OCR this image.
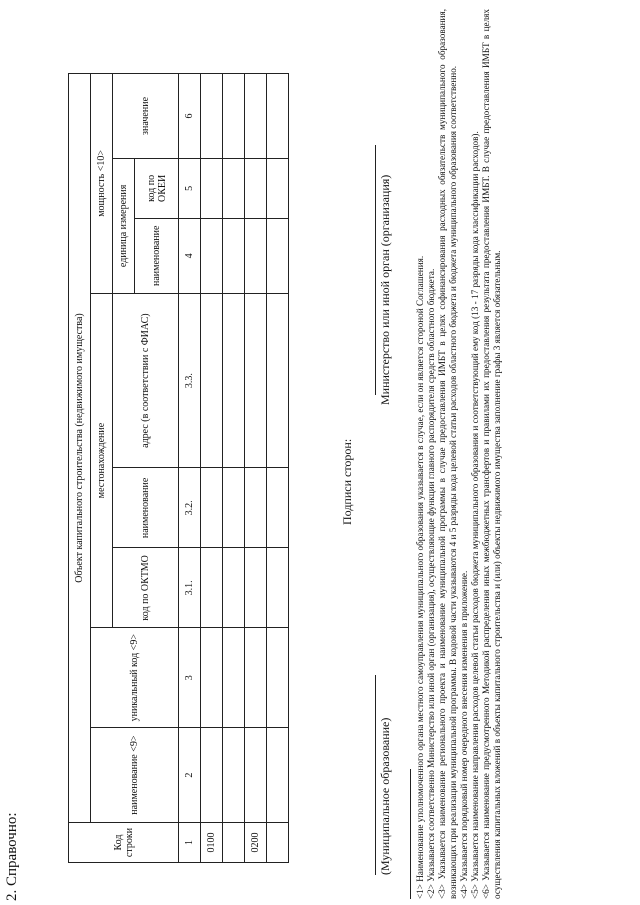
2. Справочно:	Код строки	Объект капитального строительства (недвижимого имущества)							
	наименование <9>	уникальный код <9>	местонахождение			мощность <10>		
			код по ОКТМО	наименование	адрес (в соответствии с ФИАС)	единица измерения		значение
						наименование	код по ОКЕИ	
1	2	3	3.1.	3.2.	3.3.	4	5	6
0100								

0200								

Подписи сторон:
(Муниципальное образование)
Министерство или иной орган (организация)	<1> Наименование уполномоченного органа местного самоуправления муниципального образования указывается в случае, если он является стороной Соглашения. <2> Указывается соответственно Министерство или иной орган (организация), осуществляющие функции главного распорядителя средств областного бюджета. <3> Указывается наименование регионального проекта и наименование муниципальной программы в случае предоставления ИМБТ в целях софинансирования расходных обязательств муниципального образования, возникающих при реализации муниципальной программы. В кодовой части указываются 4 и 5 разряды кода целевой статьи расходов областного бюджета и бюджета муниципального образования соответственно. <4> Указывается порядковый номер очередного внесения изменения в приложение. <5> Указывается наименование направления расходов целевой статьи расходов бюджета муниципального образования и соответствующий ему код (13 - 17 разряды кода классификации расходов). <6> Указывается наименование предусмотренного Методикой распределения иных межбюджетных трансфертов и правилами их предоставления результата предоставления ИМБТ. В случае предоставления ИМБТ в целях осуществления капитальных вложений в объекты капитального строительства и (или) объекты недвижимого имущества заполнение графы 3 является обязательным.
